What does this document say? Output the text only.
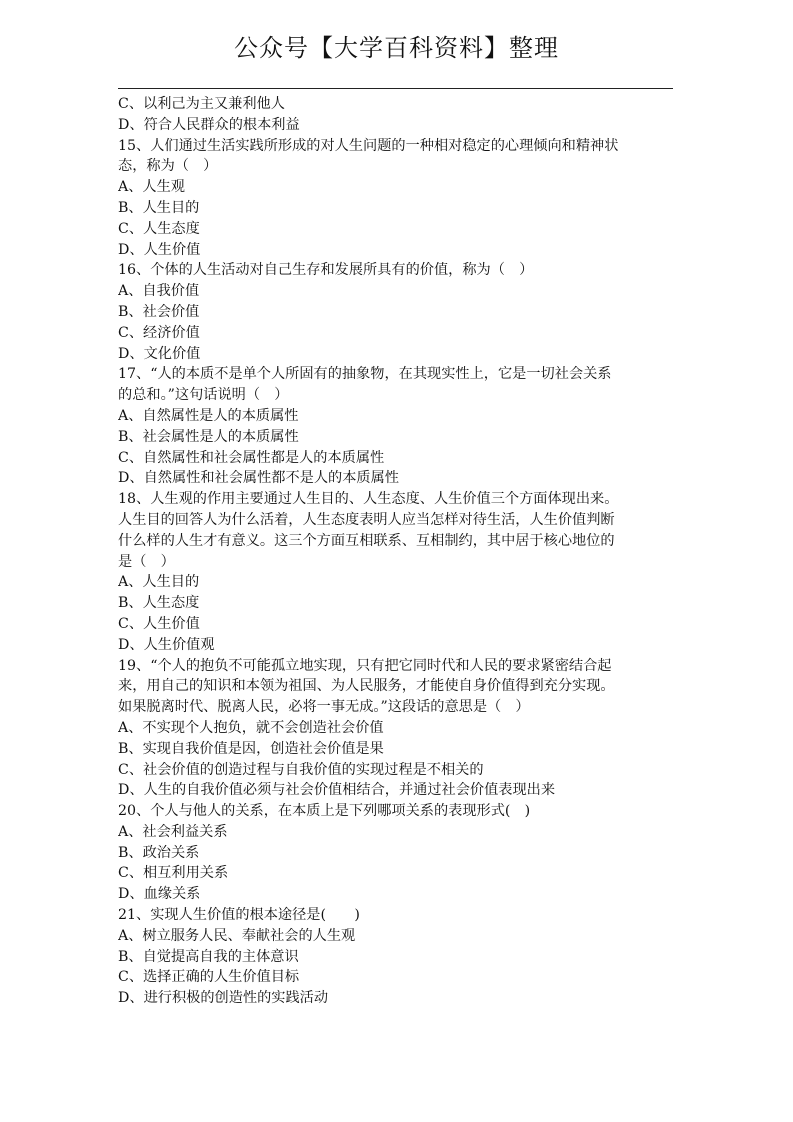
公众号【大学百科资料】整理
C、以利己为主又兼利他人
D、符合人民群众的根本利益
15、人们通过生活实践所形成的对人生问题的一种相对稳定的心理倾向和精神状
态，称为（　）
A、人生观
B、人生目的
C、人生态度
D、人生价值
16、个体的人生活动对自己生存和发展所具有的价值，称为（　）
A、自我价值
B、社会价值
C、经济价值
D、文化价值
17、“人的本质不是单个人所固有的抽象物，在其现实性上，它是一切社会关系
的总和。”这句话说明（　）
A、自然属性是人的本质属性
B、社会属性是人的本质属性
C、自然属性和社会属性都是人的本质属性
D、自然属性和社会属性都不是人的本质属性
18、人生观的作用主要通过人生目的、人生态度、人生价值三个方面体现出来。
人生目的回答人为什么活着，人生态度表明人应当怎样对待生活，人生价值判断
什么样的人生才有意义。这三个方面互相联系、互相制约，其中居于核心地位的
是（　）
A、人生目的
B、人生态度
C、人生价值
D、人生价值观
19、“个人的抱负不可能孤立地实现，只有把它同时代和人民的要求紧密结合起
来，用自己的知识和本领为祖国、为人民服务，才能使自身价值得到充分实现。
如果脱离时代、脱离人民，必将一事无成。”这段话的意思是（　）
A、不实现个人抱负，就不会创造社会价值
B、实现自我价值是因，创造社会价值是果
C、社会价值的创造过程与自我价值的实现过程是不相关的
D、人生的自我价值必须与社会价值相结合，并通过社会价值表现出来
20、个人与他人的关系，在本质上是下列哪项关系的表现形式(　)
A、社会利益关系
B、政治关系
C、相互利用关系
D、血缘关系
21、实现人生价值的根本途径是(　　)
A、树立服务人民、奉献社会的人生观
B、自觉提高自我的主体意识
C、选择正确的人生价值目标
D、进行积极的创造性的实践活动
